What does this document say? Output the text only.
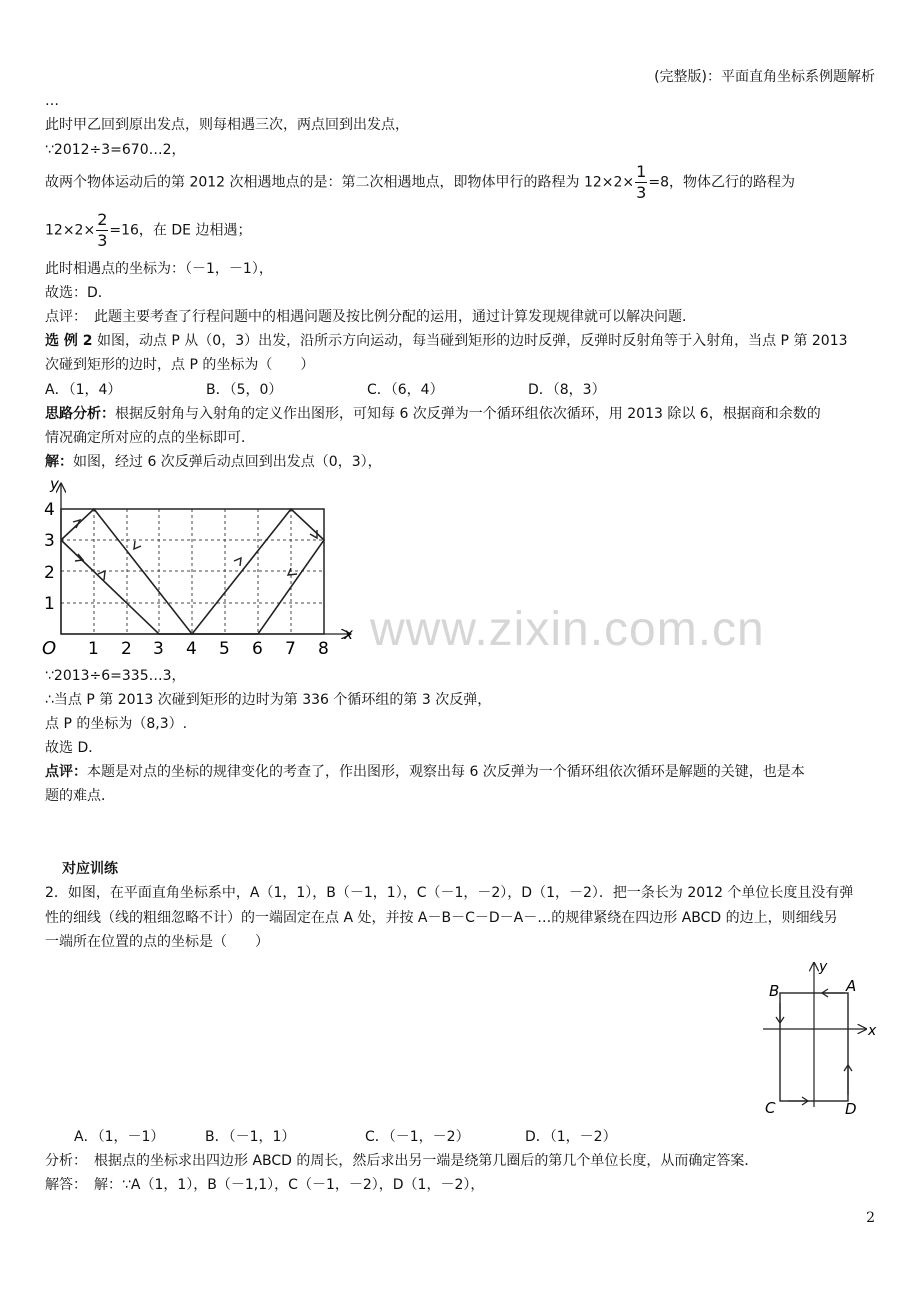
(完整版)：平面直角坐标系例题解析
…
此时甲乙回到原出发点，则每相遇三次，两点回到出发点，
∵2012÷3=670…2，
故两个物体运动后的第 2012 次相遇地点的是：第二次相遇地点，即物体甲行的路程为 $12\times 2\times \frac{1}{3} =8$，物体乙行的路程为
$12\times 2\times \frac{2}{3} =16$，在 DE 边相遇；
此时相遇点的坐标为：（－1，－1），
故选：D．
点评：　此题主要考查了行程问题中的相遇问题及按比例分配的运用，通过计算发现规律就可以解决问题．
选 例 2 如图，动点 P 从（0，3）出发，沿所示方向运动，每当碰到矩形的边时反弹，反弹时反射角等于入射角，当点 P 第 2013
次碰到矩形的边时，点 P 的坐标为（　　）
A．（1，4）	B．（5，0）	C．（6，4）	D．（8，3）
思路分析：根据反射角与入射角的定义作出图形，可知每 6 次反弹为一个循环组依次循环，用 2013 除以 6，根据商和余数的
情况确定所对应的点的坐标即可．
解：如图，经过 6 次反弹后动点回到出发点（0，3），
y
x
O 1 2 3 4 5 6 7 8
1
2
3
4
www.zixin.com.cn
∵2013÷6=335…3，
∴当点 P 第 2013 次碰到矩形的边时为第 336 个循环组的第 3 次反弹，
点 P 的坐标为（8,3）.
故选 D．
点评：本题是对点的坐标的规律变化的考查了，作出图形，观察出每 6 次反弹为一个循环组依次循环是解题的关键，也是本
题的难点．
对应训练
2．如图，在平面直角坐标系中，A（1，1），B（－1，1），C（－1，－2），D（1，－2）．把一条长为 2012 个单位长度且没有弹
性的细线（线的粗细忽略不计）的一端固定在点 A 处，并按 A－B－C－D－A－…的规律紧绕在四边形 ABCD 的边上，则细线另
一端所在位置的点的坐标是（　　）
y
x
A
B
C	D
A．（1，－1）	B．（－1，1）	C．（－1，－2）	D．（1，－2）
分析：　根据点的坐标求出四边形 ABCD 的周长，然后求出另一端是绕第几圈后的第几个单位长度，从而确定答案．
解答：　解：∵A（1，1），B（－1,1），C（－1，－2），D（1，－2），
2
